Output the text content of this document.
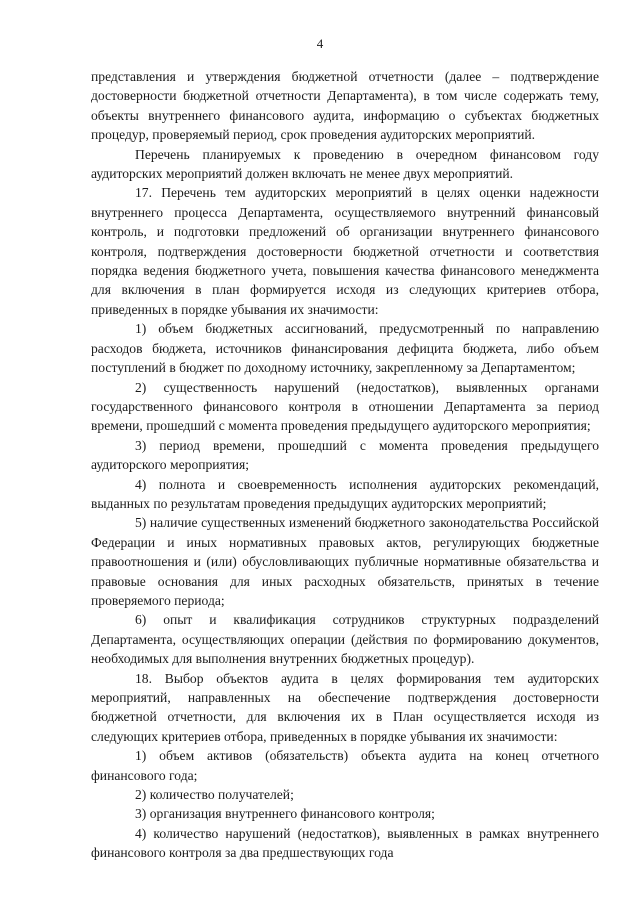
4

представления и утверждения бюджетной отчетности (далее – подтверждение достоверности бюджетной отчетности Департамента), в том числе содержать тему, объекты внутреннего финансового аудита, информацию о субъектах бюджетных процедур, проверяемый период, срок проведения аудиторских мероприятий.

Перечень планируемых к проведению в очередном финансовом году аудиторских мероприятий должен включать не менее двух мероприятий.

17. Перечень тем аудиторских мероприятий в целях оценки надежности внутреннего процесса Департамента, осуществляемого внутренний финансовый контроль, и подготовки предложений об организации внутреннего финансового контроля, подтверждения достоверности бюджетной отчетности и соответствия порядка ведения бюджетного учета, повышения качества финансового менеджмента для включения в план формируется исходя из следующих критериев отбора, приведенных в порядке убывания их значимости:

1) объем бюджетных ассигнований, предусмотренный по направлению расходов бюджета, источников финансирования дефицита бюджета, либо объем поступлений в бюджет по доходному источнику, закрепленному за Департаментом;

2) существенность нарушений (недостатков), выявленных органами государственного финансового контроля в отношении Департамента за период времени, прошедший с момента проведения предыдущего аудиторского мероприятия;

3) период времени, прошедший с момента проведения предыдущего аудиторского мероприятия;

4) полнота и своевременность исполнения аудиторских рекомендаций, выданных по результатам проведения предыдущих аудиторских мероприятий;

5) наличие существенных изменений бюджетного законодательства Российской Федерации и иных нормативных правовых актов, регулирующих бюджетные правоотношения и (или) обусловливающих публичные нормативные обязательства и правовые основания для иных расходных обязательств, принятых в течение проверяемого периода;

6) опыт и квалификация сотрудников структурных подразделений Департамента, осуществляющих операции (действия по формированию документов, необходимых для выполнения внутренних бюджетных процедур).

18. Выбор объектов аудита в целях формирования тем аудиторских мероприятий, направленных на обеспечение подтверждения достоверности бюджетной отчетности, для включения их в План осуществляется исходя из следующих критериев отбора, приведенных в порядке убывания их значимости:

1) объем активов (обязательств) объекта аудита на конец отчетного финансового года;

2) количество получателей;

3) организация внутреннего финансового контроля;

4) количество нарушений (недостатков), выявленных в рамках внутреннего финансового контроля за два предшествующих года
